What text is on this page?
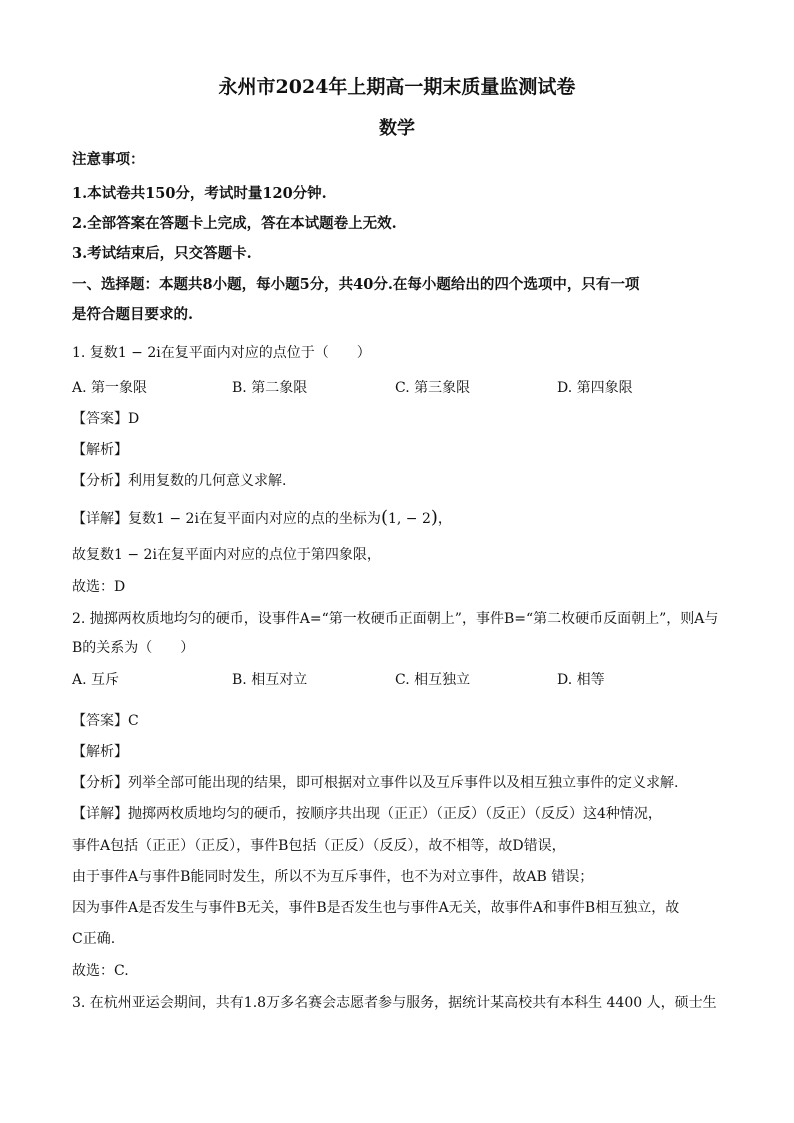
永州市2024年上期高一期末质量监测试卷
数学
注意事项：
1.本试卷共150分，考试时量120分钟.
2.全部答案在答题卡上完成，答在本试题卷上无效.
3.考试结束后，只交答题卡.
一、选择题：本题共8小题，每小题5分，共40分.在每小题给出的四个选项中，只有一项
是符合题目要求的.
1. 复数1 − 2i在复平面内对应的点位于（　　）
A. 第一象限	B. 第二象限	C. 第三象限	D. 第四象限
【答案】D
【解析】
【分析】利用复数的几何意义求解.
【详解】复数1 − 2i在复平面内对应的点的坐标为(1, − 2)，
故复数1 − 2i在复平面内对应的点位于第四象限，
故选：D
2. 抛掷两枚质地均匀的硬币，设事件A=“第一枚硬币正面朝上”，事件B=“第二枚硬币反面朝上”，则A与
B的关系为（　　）
A. 互斥	B. 相互对立	C. 相互独立	D. 相等
【答案】C
【解析】
【分析】列举全部可能出现的结果，即可根据对立事件以及互斥事件以及相互独立事件的定义求解.
【详解】抛掷两枚质地均匀的硬币，按顺序共出现（正正）（正反）（反正）（反反）这4种情况，
事件A包括（正正）（正反），事件B包括（正反）（反反），故不相等，故D错误，
由于事件A与事件B能同时发生，所以不为互斥事件，也不为对立事件，故AB 错误；
因为事件A是否发生与事件B无关，事件B是否发生也与事件A无关，故事件A和事件B相互独立，故
C正确.
故选：C.
3. 在杭州亚运会期间，共有1.8万多名赛会志愿者参与服务，据统计某高校共有本科生 4400 人，硕士生
